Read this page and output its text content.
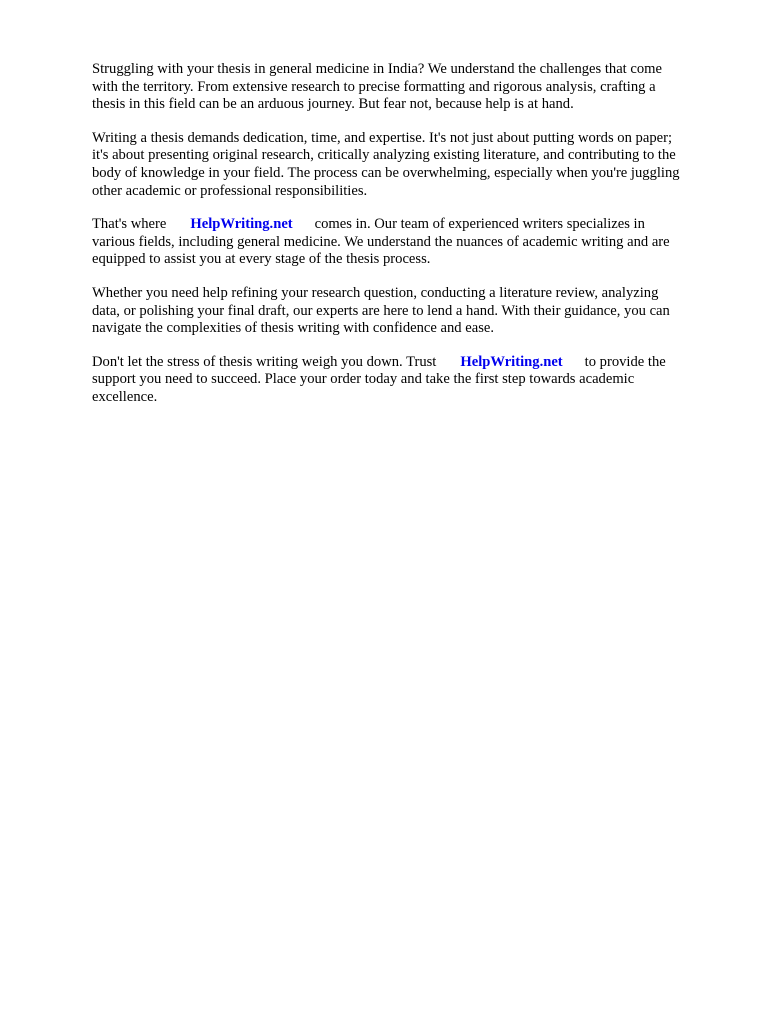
Struggling with your thesis in general medicine in India? We understand the challenges that come
with the territory. From extensive research to precise formatting and rigorous analysis, crafting a
thesis in this field can be an arduous journey. But fear not, because help is at hand.

Writing a thesis demands dedication, time, and expertise. It's not just about putting words on paper;
it's about presenting original research, critically analyzing existing literature, and contributing to the
body of knowledge in your field. The process can be overwhelming, especially when you're juggling
other academic or professional responsibilities.

That's where HelpWriting.net comes in. Our team of experienced writers specializes in
various fields, including general medicine. We understand the nuances of academic writing and are
equipped to assist you at every stage of the thesis process.

Whether you need help refining your research question, conducting a literature review, analyzing
data, or polishing your final draft, our experts are here to lend a hand. With their guidance, you can
navigate the complexities of thesis writing with confidence and ease.

Don't let the stress of thesis writing weigh you down. Trust HelpWriting.net to provide the
support you need to succeed. Place your order today and take the first step towards academic
excellence.
